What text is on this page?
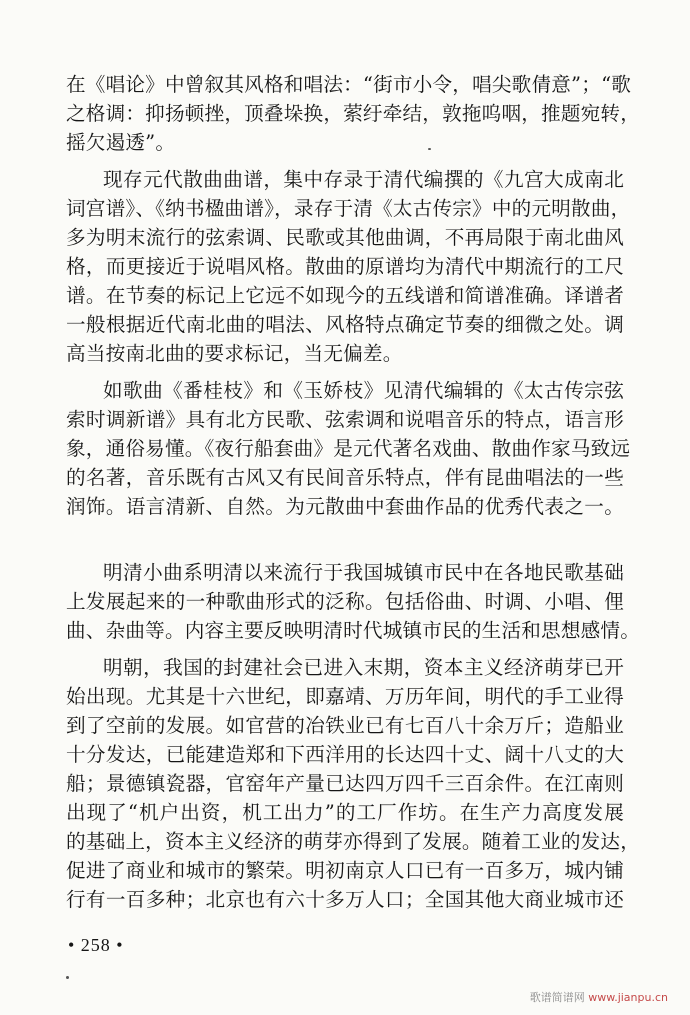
在《唱论》中曾叙其风格和唱法：“街市小令，唱尖歌倩意”；“歌
之格调：抑扬顿挫，顶叠垛换，萦纡牵结，敦拖呜咽，推题宛转，
摇欠遏透”。
现存元代散曲曲谱，集中存录于清代编撰的《九宫大成南北
词宫谱》、《纳书楹曲谱》，录存于清《太古传宗》中的元明散曲，
多为明末流行的弦索调、民歌或其他曲调，不再局限于南北曲风
格，而更接近于说唱风格。散曲的原谱均为清代中期流行的工尺
谱。在节奏的标记上它远不如现今的五线谱和简谱准确。译谱者
一般根据近代南北曲的唱法、风格特点确定节奏的细微之处。调
高当按南北曲的要求标记，当无偏差。
如歌曲《番桂枝》和《玉娇枝》见清代编辑的《太古传宗弦
索时调新谱》具有北方民歌、弦索调和说唱音乐的特点，语言形
象，通俗易懂。《夜行船套曲》是元代著名戏曲、散曲作家马致远
的名著，音乐既有古风又有民间音乐特点，伴有昆曲唱法的一些
润饰。语言清新、自然。为元散曲中套曲作品的优秀代表之一。
明清小曲系明清以来流行于我国城镇市民中在各地民歌基础
上发展起来的一种歌曲形式的泛称。包括俗曲、时调、小唱、俚
曲、杂曲等。内容主要反映明清时代城镇市民的生活和思想感情。
明朝，我国的封建社会已进入末期，资本主义经济萌芽已开
始出现。尤其是十六世纪，即嘉靖、万历年间，明代的手工业得
到了空前的发展。如官营的冶铁业已有七百八十余万斤；造船业
十分发达，已能建造郑和下西洋用的长达四十丈、阔十八丈的大
船；景德镇瓷器，官窑年产量已达四万四千三百余件。在江南则
出现了“机户出资，机工出力”的工厂作坊。在生产力高度发展
的基础上，资本主义经济的萌芽亦得到了发展。随着工业的发达，
促进了商业和城市的繁荣。明初南京人口已有一百多万，城内铺
行有一百多种；北京也有六十多万人口；全国其他大商业城市还
• 258 •
歌谱简谱网 www.jianpu.cn
